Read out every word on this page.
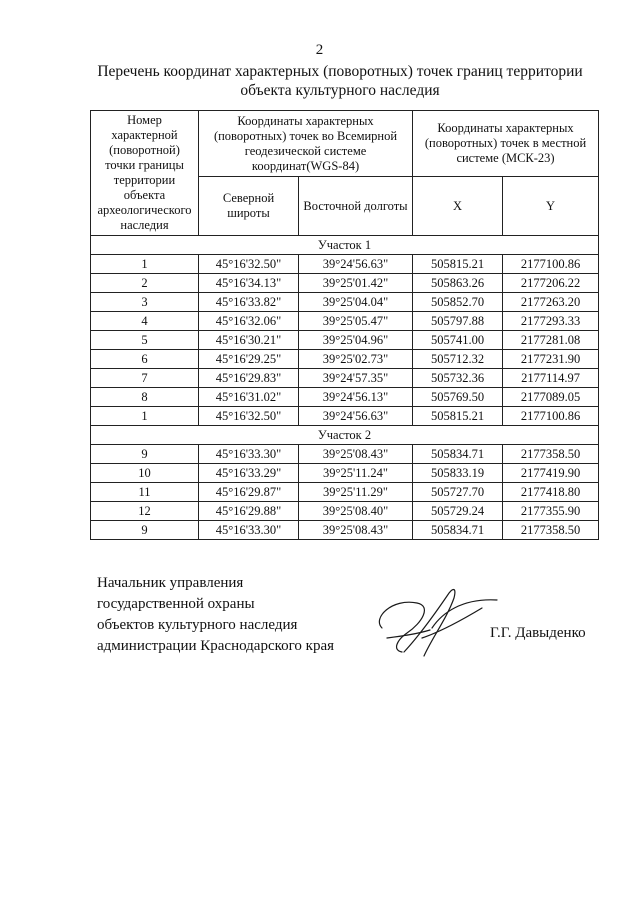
2
Перечень координат характерных (поворотных) точек границ территории
объекта культурного наследия
Номер характерной (поворотной) точки границы территории объекта археологического наследия	Координаты характерных (поворотных) точек во Всемирной геодезической системе координат(WGS-84)		Координаты характерных (поворотных) точек в местной системе (МСК-23)	
	Северной широты	Восточной долготы	X	Y
Участок 1				
1	45°16'32.50"	39°24'56.63"	505815.21	2177100.86
2	45°16'34.13"	39°25'01.42"	505863.26	2177206.22
3	45°16'33.82"	39°25'04.04"	505852.70	2177263.20
4	45°16'32.06"	39°25'05.47"	505797.88	2177293.33
5	45°16'30.21"	39°25'04.96"	505741.00	2177281.08
6	45°16'29.25"	39°25'02.73"	505712.32	2177231.90
7	45°16'29.83"	39°24'57.35"	505732.36	2177114.97
8	45°16'31.02"	39°24'56.13"	505769.50	2177089.05
1	45°16'32.50"	39°24'56.63"	505815.21	2177100.86
Участок 2				
9	45°16'33.30"	39°25'08.43"	505834.71	2177358.50
10	45°16'33.29"	39°25'11.24"	505833.19	2177419.90
11	45°16'29.87"	39°25'11.29"	505727.70	2177418.80
12	45°16'29.88"	39°25'08.40"	505729.24	2177355.90
9	45°16'33.30"	39°25'08.43"	505834.71	2177358.50
Начальник управления
государственной охраны
объектов культурного наследия
администрации Краснодарского края
Г.Г. Давыденко
